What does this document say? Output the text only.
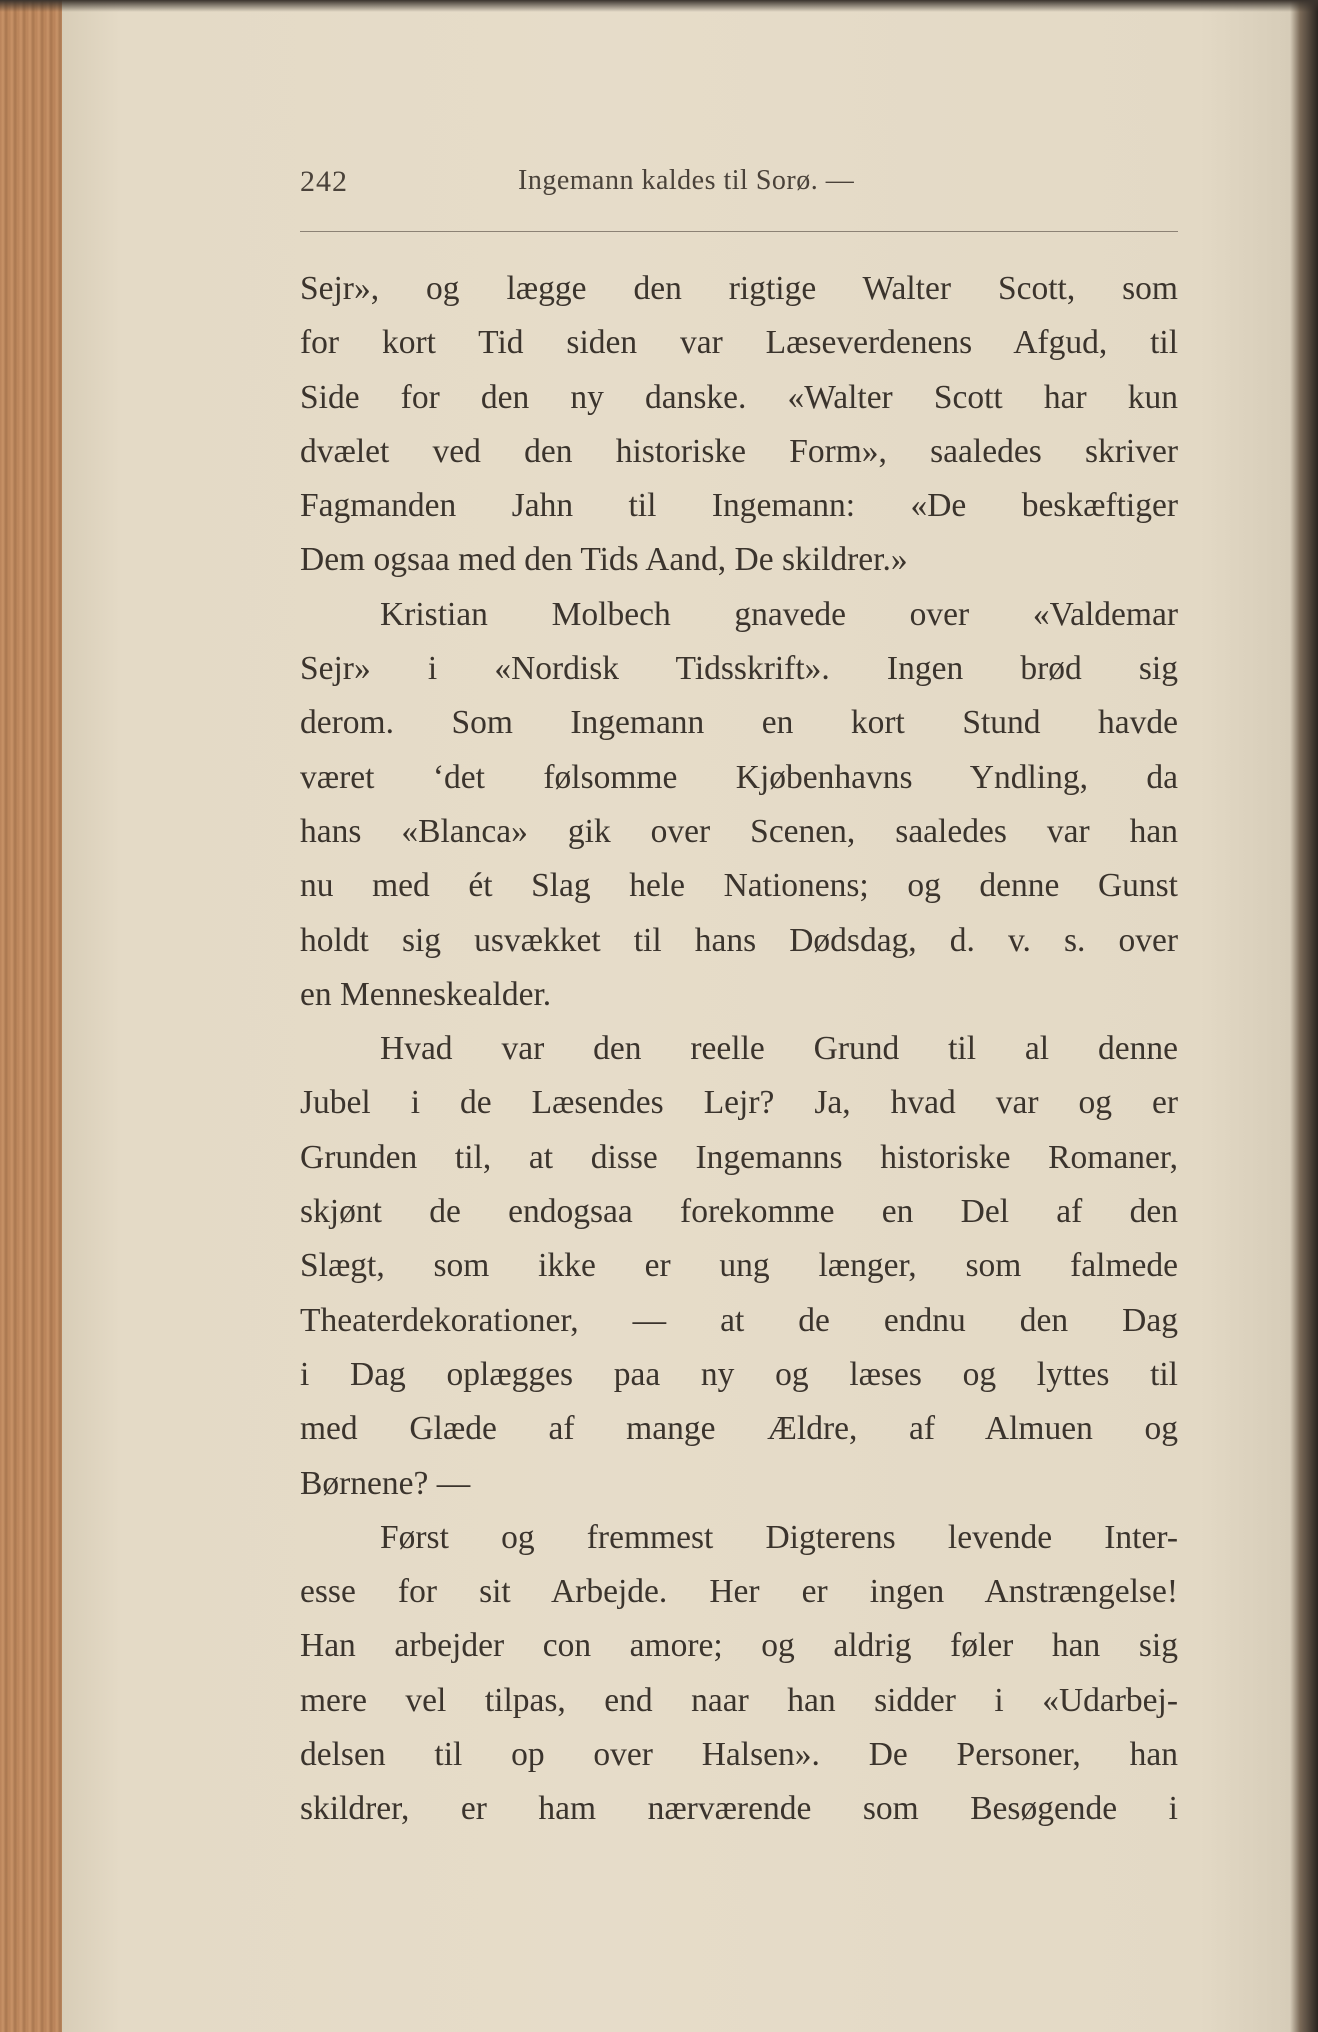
242	Ingemann kaldes til Sorø. —
Sejr», og lægge den rigtige Walter Scott, som
for kort Tid siden var Læseverdenens Afgud, til
Side for den ny danske. «Walter Scott har kun
dvælet ved den historiske Form», saaledes skriver
Fagmanden Jahn til Ingemann: «De beskæftiger
Dem ogsaa med den Tids Aand, De skildrer.»
Kristian Molbech gnavede over «Valdemar
Sejr» i «Nordisk Tidsskrift». Ingen brød sig
derom. Som Ingemann en kort Stund havde
været ‘det følsomme Kjøbenhavns Yndling, da
hans «Blanca» gik over Scenen, saaledes var han
nu med ét Slag hele Nationens; og denne Gunst
holdt sig usvækket til hans Dødsdag, d. v. s. over
en Menneskealder.
Hvad var den reelle Grund til al denne
Jubel i de Læsendes Lejr? Ja, hvad var og er
Grunden til, at disse Ingemanns historiske Romaner,
skjønt de endogsaa forekomme en Del af den
Slægt, som ikke er ung længer, som falmede
Theaterdekorationer, — at de endnu den Dag
i Dag oplægges paa ny og læses og lyttes til
med Glæde af mange Ældre, af Almuen og
Børnene? —
Først og fremmest Digterens levende Inter-
esse for sit Arbejde. Her er ingen Anstrængelse!
Han arbejder con amore; og aldrig føler han sig
mere vel tilpas, end naar han sidder i «Udarbej-
delsen til op over Halsen». De Personer, han
skildrer, er ham nærværende som Besøgende i
